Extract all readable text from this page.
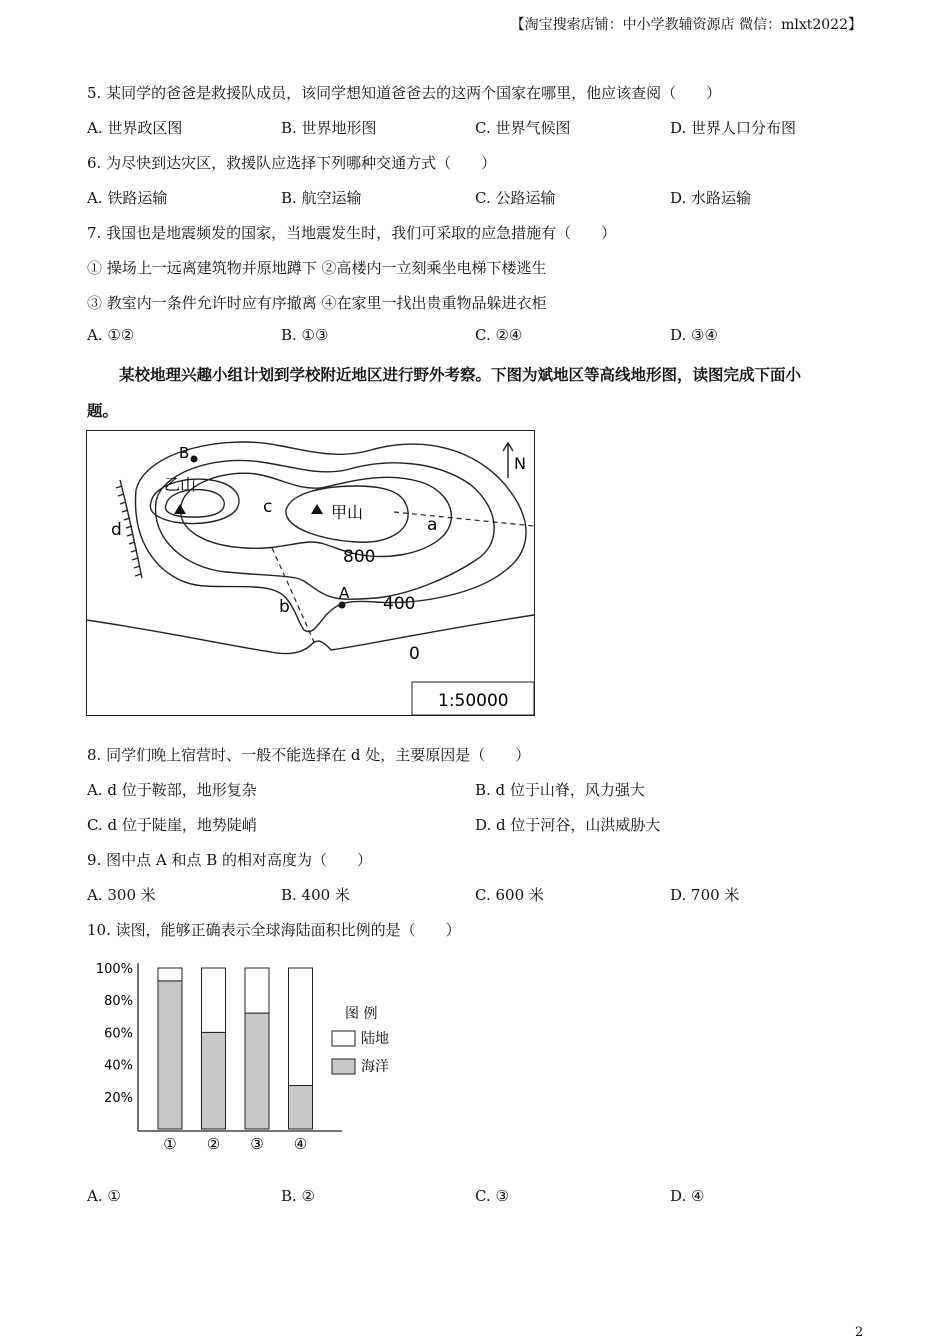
【淘宝搜索店铺：中小学教辅资源店 微信：mlxt2022】
5. 某同学的爸爸是救援队成员，该同学想知道爸爸去的这两个国家在哪里，他应该查阅（　　）
A. 世界政区图	B. 世界地形图	C. 世界气候图	D. 世界人口分布图
6. 为尽快到达灾区，救援队应选择下列哪种交通方式（　　）
A. 铁路运输	B. 航空运输	C. 公路运输	D. 水路运输
7. 我国也是地震频发的国家，当地震发生时，我们可采取的应急措施有（　　）
① 操场上一远离建筑物并原地蹲下 ②高楼内一立刻乘坐电梯下楼逃生
③ 教室内一条件允许时应有序撤离 ④在家里一找出贵重物品躲进衣柜
A. ①②	B. ①③	C. ②④	D. ③④
某校地理兴趣小组计划到学校附近地区进行野外考察。下图为斌地区等高线地形图，读图完成下面小
题。
B
乙山
c	甲山
a
d
800
b
A
400
0
N
1:50000
8. 同学们晚上宿营时、一般不能选择在 d 处，主要原因是（　　）
A. d 位于鞍部，地形复杂	B. d 位于山脊，风力强大
C. d 位于陡崖，地势陡峭	D. d 位于河谷，山洪威胁大
9. 图中点 A 和点 B 的相对高度为（　　）
A. 300 米	B. 400 米	C. 600 米	D. 700 米
10. 读图，能够正确表示全球海陆面积比例的是（　　）
100%
80%
60%
40%
20%
① ② ③ ④
图 例
陆地
海洋
A. ①	B. ②	C. ③	D. ④
2
